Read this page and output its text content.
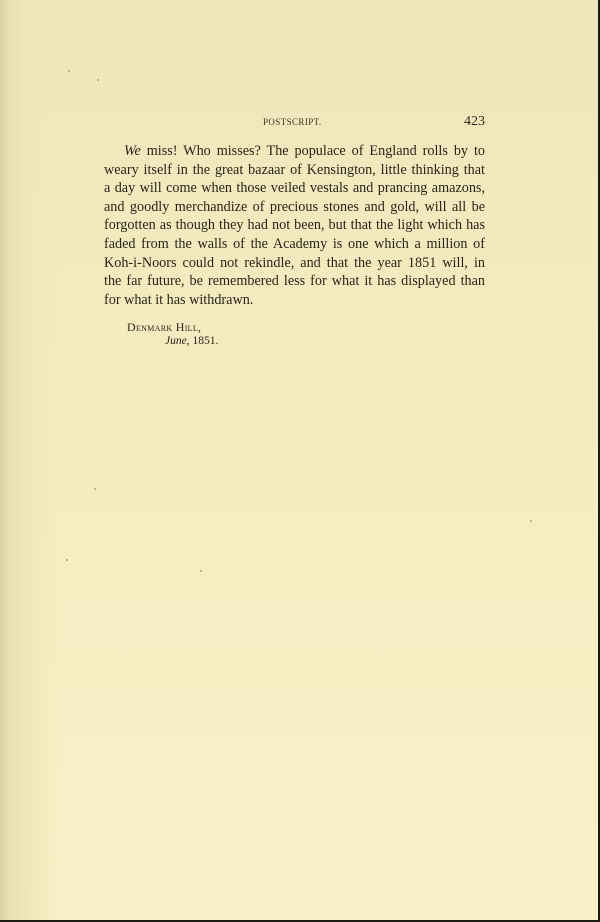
POSTSCRIPT.	423
We miss! Who misses? The populace of England rolls by to
weary itself in the great bazaar of Kensington, little thinking that
a day will come when those veiled vestals and prancing amazons,
and goodly merchandize of precious stones and gold, will all be
forgotten as though they had not been, but that the light which has
faded from the walls of the Academy is one which a million of
Koh-i-Noors could not rekindle, and that the year 1851 will, in
the far future, be remembered less for what it has displayed than
for what it has withdrawn.
Denmark Hill,
June, 1851.
